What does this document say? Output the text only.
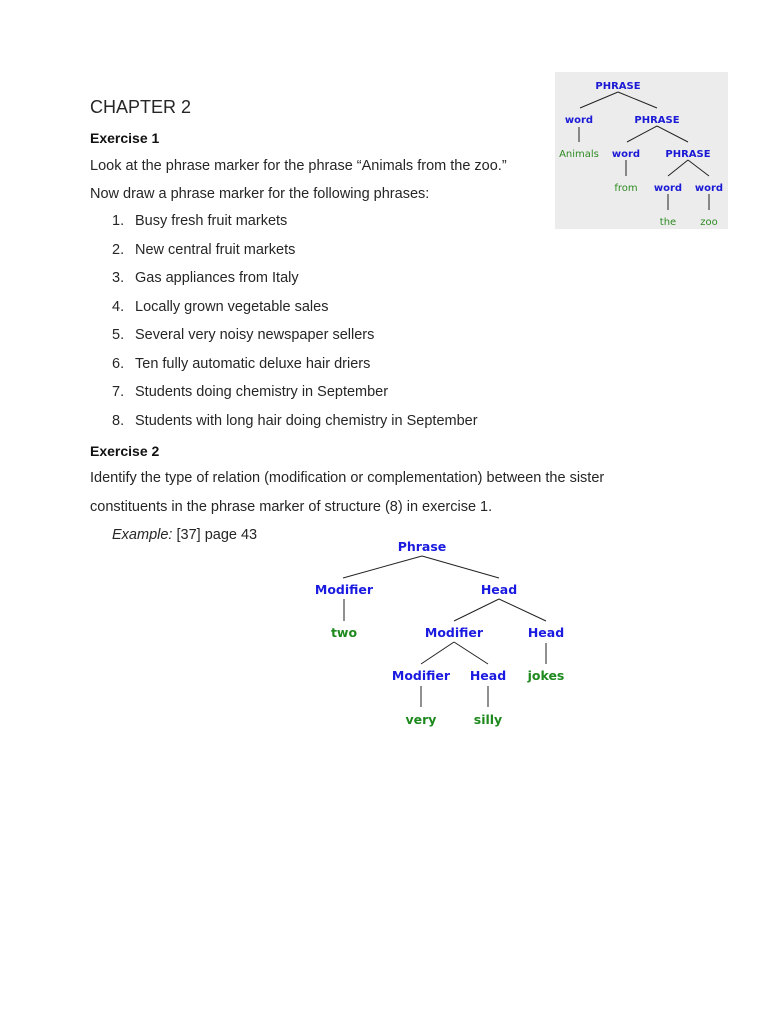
CHAPTER 2

Exercise 1

Look at the phrase marker for the phrase “Animals from the zoo.”

Now draw a phrase marker for the following phrases:

1. Busy fresh fruit markets
2. New central fruit markets
3. Gas appliances from Italy
4. Locally grown vegetable sales
5. Several very noisy newspaper sellers
6. Ten fully automatic deluxe hair driers
7. Students doing chemistry in September
8. Students with long hair doing chemistry in September

Exercise 2

Identify the type of relation (modification or complementation) between the sister

constituents in the phrase marker of structure (8) in exercise 1.

Example: [37] page 43
PHRASE
word	PHRASE
Animals word	PHRASE
from word word
the zoo
Phrase
Modifier	Head
two	Modifier	Head
Modifier Head jokes
very	silly
